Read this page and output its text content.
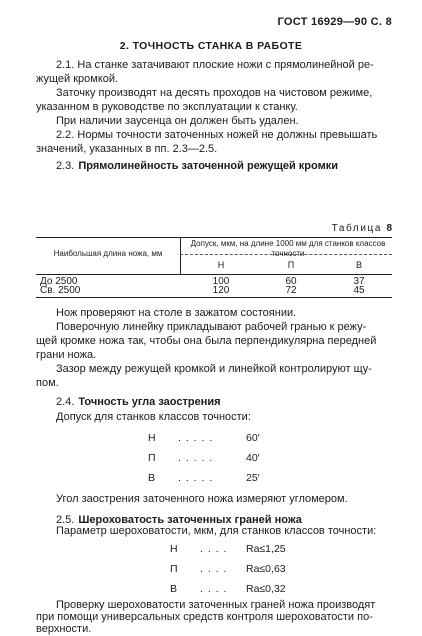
ГОСТ 16929—90 С. 8
2. ТОЧНОСТЬ СТАНКА В РАБОТЕ
2.1. На станке затачивают плоские ножи с прямолинейной ре-
жущей кромкой.
Заточку производят на десять проходов на чистовом режиме,
указанном в руководстве по эксплуатации к станку.
При наличии заусенца он должен быть удален.
2.2. Нормы точности заточенных ножей не должны превышать
значений, указанных в пп. 2.3—2.5.
2.3. Прямолинейность заточенной режущей кромки
Таблица 8
Наибольшая длина ножа, мм
Допуск, мкм, на длине 1000 мм для станков классов точности
Н	П	В
До 2500	100	60	37
Св. 2500	120	72	45
Нож проверяют на столе в зажатом состоянии.
Поверочную линейку прикладывают рабочей гранью к режу-
щей кромке ножа так, чтобы она была перпендикулярна передней
грани ножа.
Зазор между режущей кромкой и линейкой контролируют щу-
пом.
2.4. Точность угла заострения
Допуск для станков классов точности:
Н . . . . .	60′
П . . . . .	40′
В . . . . .	25′
Угол заострения заточенного ножа измеряют угломером.
2.5. Шероховатость заточенных граней ножа
Параметр шероховатости, мкм, для станков классов точности:
Н . . . . Ra≤1,25
П . . . . Ra≤0,63
В . . . . Ra≤0,32
Проверку шероховатости заточенных граней ножа производят
при помощи универсальных средств контроля шероховатости по-
верхности.
